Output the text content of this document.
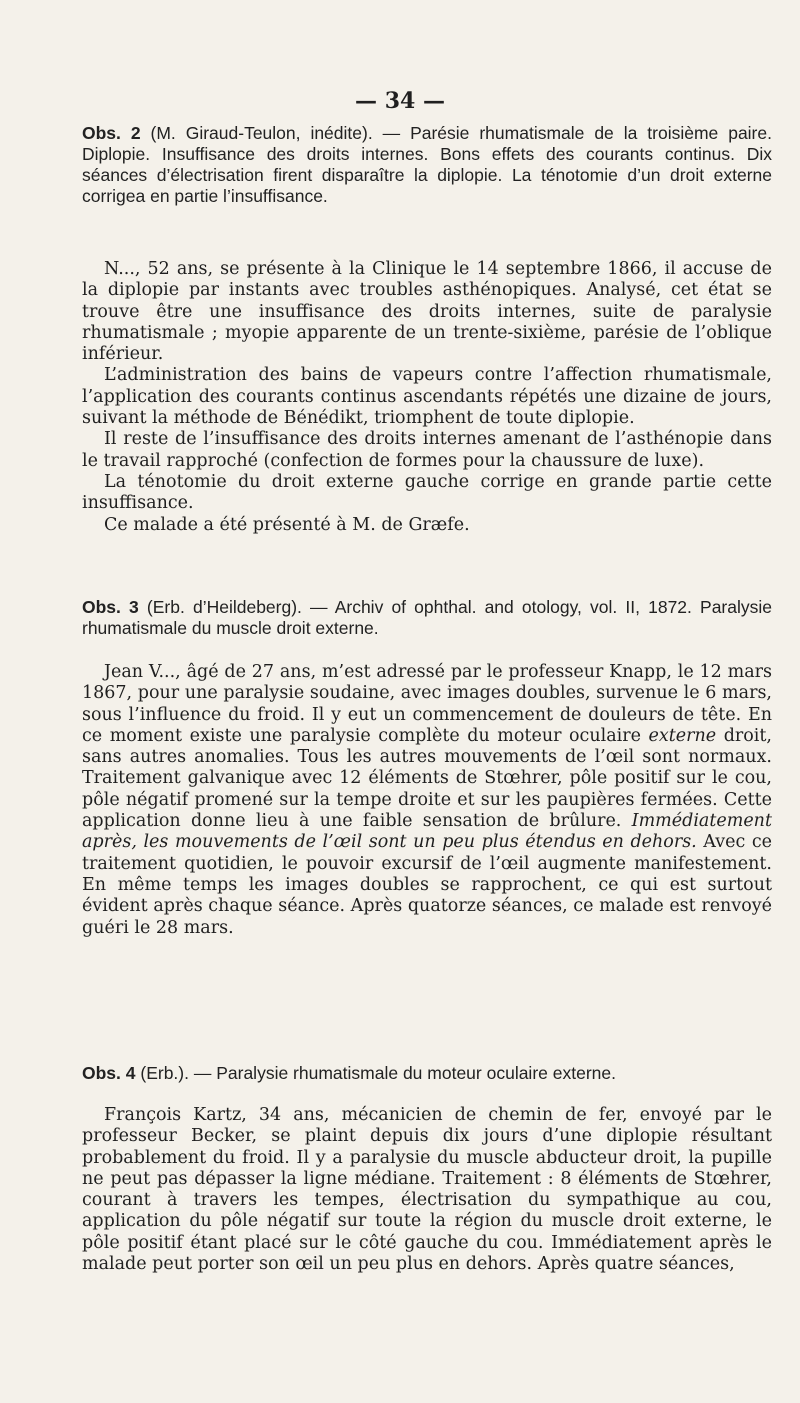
— 34 —
Obs. 2 (M. Giraud-Teulon, inédite). — Parésie rhumatismale de la troisième paire. Diplopie. Insuffisance des droits internes. Bons effets des courants continus. Dix séances d’électrisation firent disparaître la diplopie. La ténotomie d’un droit externe corrigea en partie l’insuffisance.
N..., 52 ans, se présente à la Clinique le 14 septembre 1866, il accuse de la diplopie par instants avec troubles asthénopiques. Analysé, cet état se trouve être une insuffisance des droits internes, suite de paralysie rhumatismale ; myopie apparente de un trente-sixième, parésie de l’oblique inférieur.
L’administration des bains de vapeurs contre l’affection rhumatismale, l’application des courants continus ascendants répétés une dizaine de jours, suivant la méthode de Bénédikt, triomphent de toute diplopie.
Il reste de l’insuffisance des droits internes amenant de l’asthénopie dans le travail rapproché (confection de formes pour la chaussure de luxe).
La ténotomie du droit externe gauche corrige en grande partie cette insuffisance.
Ce malade a été présenté à M. de Græfe.
Obs. 3 (Erb. d’Heildeberg). — Archiv of ophthal. and otology, vol. II, 1872. Paralysie rhumatismale du muscle droit externe.
Jean V..., âgé de 27 ans, m’est adressé par le professeur Knapp, le 12 mars 1867, pour une paralysie soudaine, avec images doubles, survenue le 6 mars, sous l’influence du froid. Il y eut un commencement de douleurs de tête. En ce moment existe une paralysie complète du moteur oculaire externe droit, sans autres anomalies. Tous les autres mouvements de l’œil sont normaux. Traitement galvanique avec 12 éléments de Stœhrer, pôle positif sur le cou, pôle négatif promené sur la tempe droite et sur les paupières fermées. Cette application donne lieu à une faible sensation de brûlure. Immédiatement après, les mouvements de l’œil sont un peu plus étendus en dehors. Avec ce traitement quotidien, le pouvoir excursif de l’œil augmente manifestement. En même temps les images doubles se rapprochent, ce qui est surtout évident après chaque séance. Après quatorze séances, ce malade est renvoyé guéri le 28 mars.
Obs. 4 (Erb.). — Paralysie rhumatismale du moteur oculaire externe.
François Kartz, 34 ans, mécanicien de chemin de fer, envoyé par le professeur Becker, se plaint depuis dix jours d’une diplopie résultant probablement du froid. Il y a paralysie du muscle abducteur droit, la pupille ne peut pas dépasser la ligne médiane. Traitement : 8 éléments de Stœhrer, courant à travers les tempes, électrisation du sympathique au cou, application du pôle négatif sur toute la région du muscle droit externe, le pôle positif étant placé sur le côté gauche du cou. Immédiatement après le malade peut porter son œil un peu plus en dehors. Après quatre séances,
